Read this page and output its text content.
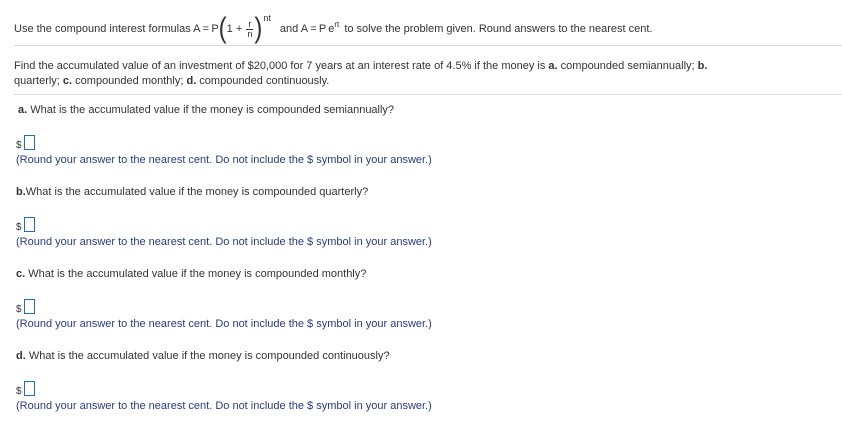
Use the compound interest formulas $A = P(1 + \frac{r}{n} )^{nt}$ and A = P $e^{rt}$ to solve the problem given. Round answers to the nearest cent.
Find the accumulated value of an investment of $20,000 for 7 years at an interest rate of 4.5% if the money is a. compounded semiannually; b.
quarterly; c. compounded monthly; d. compounded continuously.
a. What is the accumulated value if the money is compounded semiannually?
$
(Round your answer to the nearest cent. Do not include the $ symbol in your answer.)
b.What is the accumulated value if the money is compounded quarterly?
$
(Round your answer to the nearest cent. Do not include the $ symbol in your answer.)
c. What is the accumulated value if the money is compounded monthly?
$
(Round your answer to the nearest cent. Do not include the $ symbol in your answer.)
d. What is the accumulated value if the money is compounded continuously?
$
(Round your answer to the nearest cent. Do not include the $ symbol in your answer.)
